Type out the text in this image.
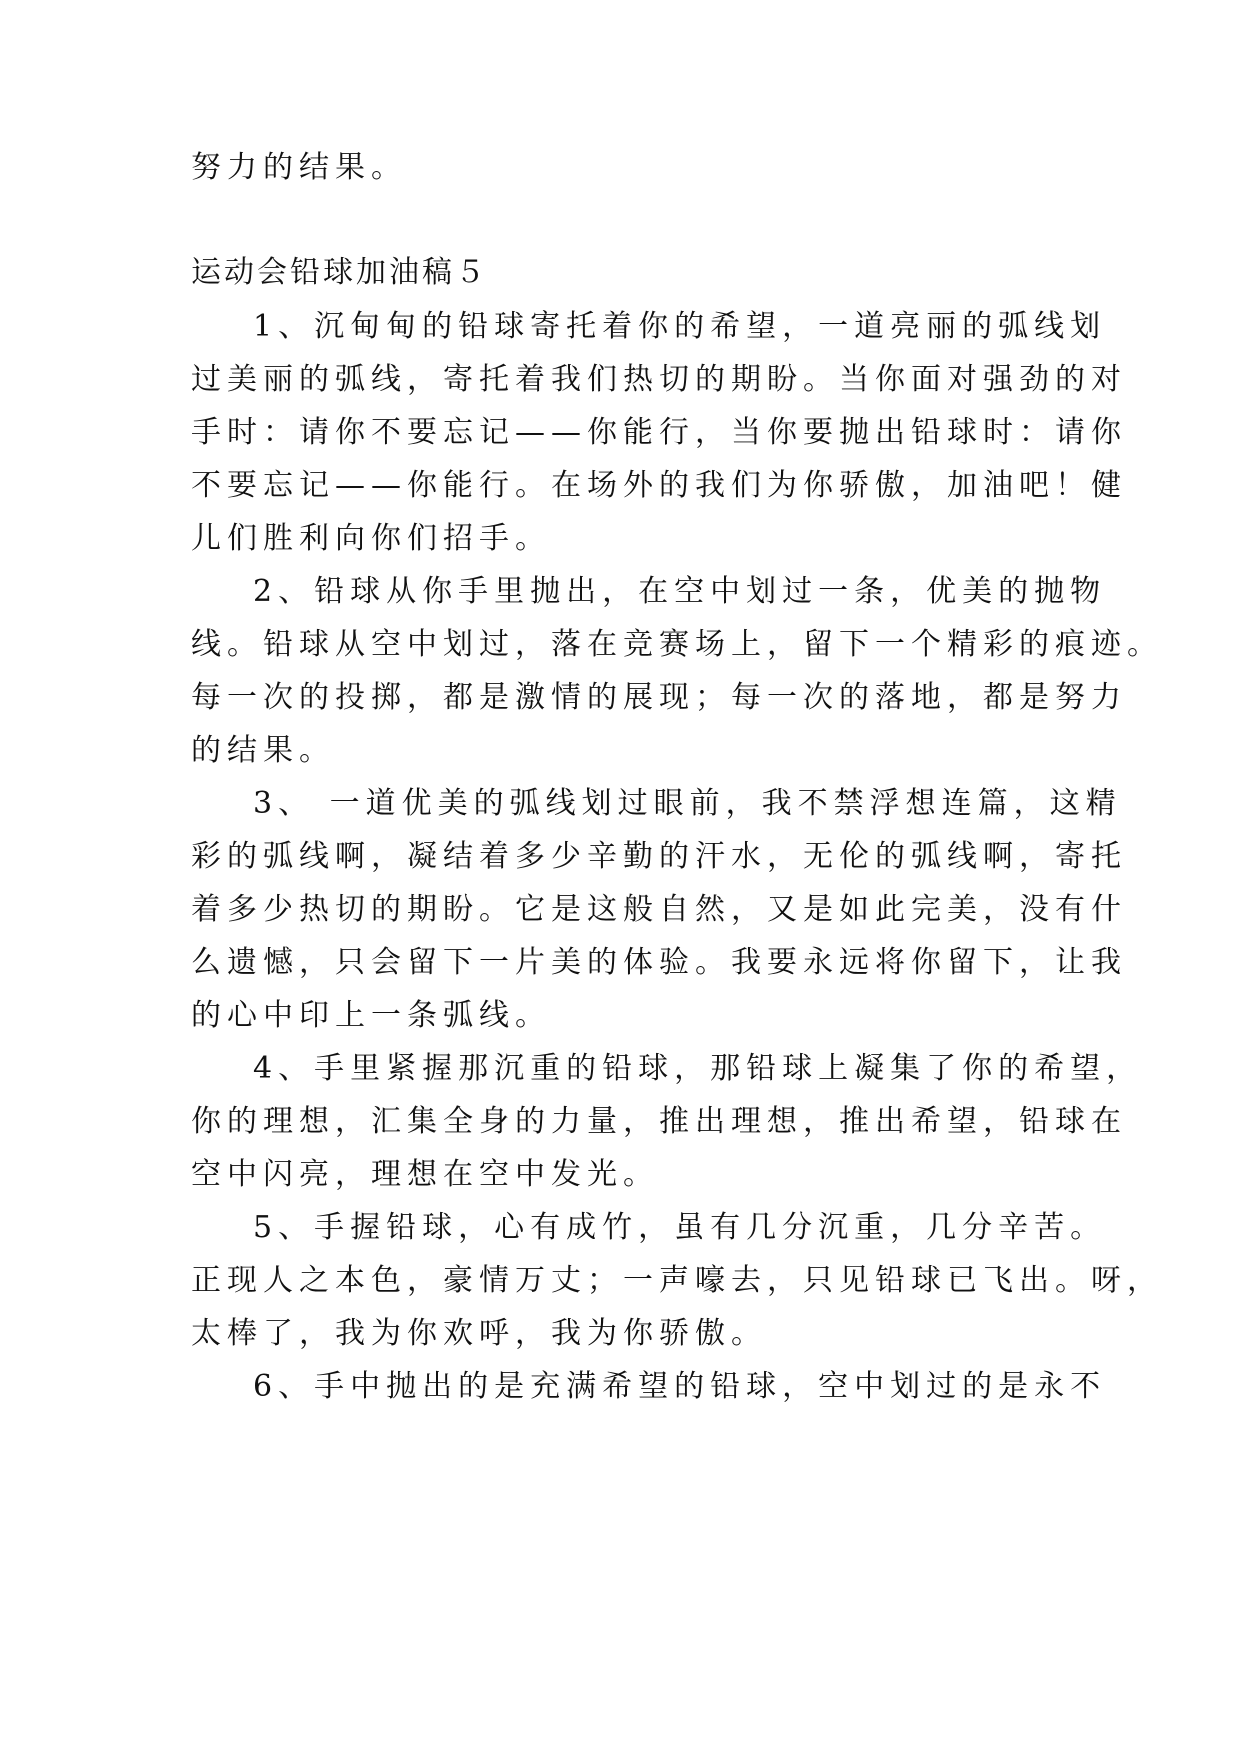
努力的结果。
运动会铅球加油稿５
1、沉甸甸的铅球寄托着你的希望，一道亮丽的弧线划
过美丽的弧线，寄托着我们热切的期盼。当你面对强劲的对
手时：请你不要忘记——你能行，当你要抛出铅球时：请你
不要忘记——你能行。在场外的我们为你骄傲，加油吧！健
儿们胜利向你们招手。
2、铅球从你手里抛出，在空中划过一条，优美的抛物
线。铅球从空中划过，落在竞赛场上，留下一个精彩的痕迹。
每一次的投掷，都是激情的展现；每一次的落地，都是努力
的结果。
3、 一道优美的弧线划过眼前，我不禁浮想连篇，这精
彩的弧线啊，凝结着多少辛勤的汗水，无伦的弧线啊，寄托
着多少热切的期盼。它是这般自然，又是如此完美，没有什
么遗憾，只会留下一片美的体验。我要永远将你留下，让我
的心中印上一条弧线。
4、手里紧握那沉重的铅球，那铅球上凝集了你的希望，
你的理想，汇集全身的力量，推出理想，推出希望，铅球在
空中闪亮，理想在空中发光。
5、手握铅球，心有成竹，虽有几分沉重，几分辛苦。
正现人之本色，豪情万丈；一声嚎去，只见铅球已飞出。呀，
太棒了，我为你欢呼，我为你骄傲。
6、手中抛出的是充满希望的铅球，空中划过的是永不
